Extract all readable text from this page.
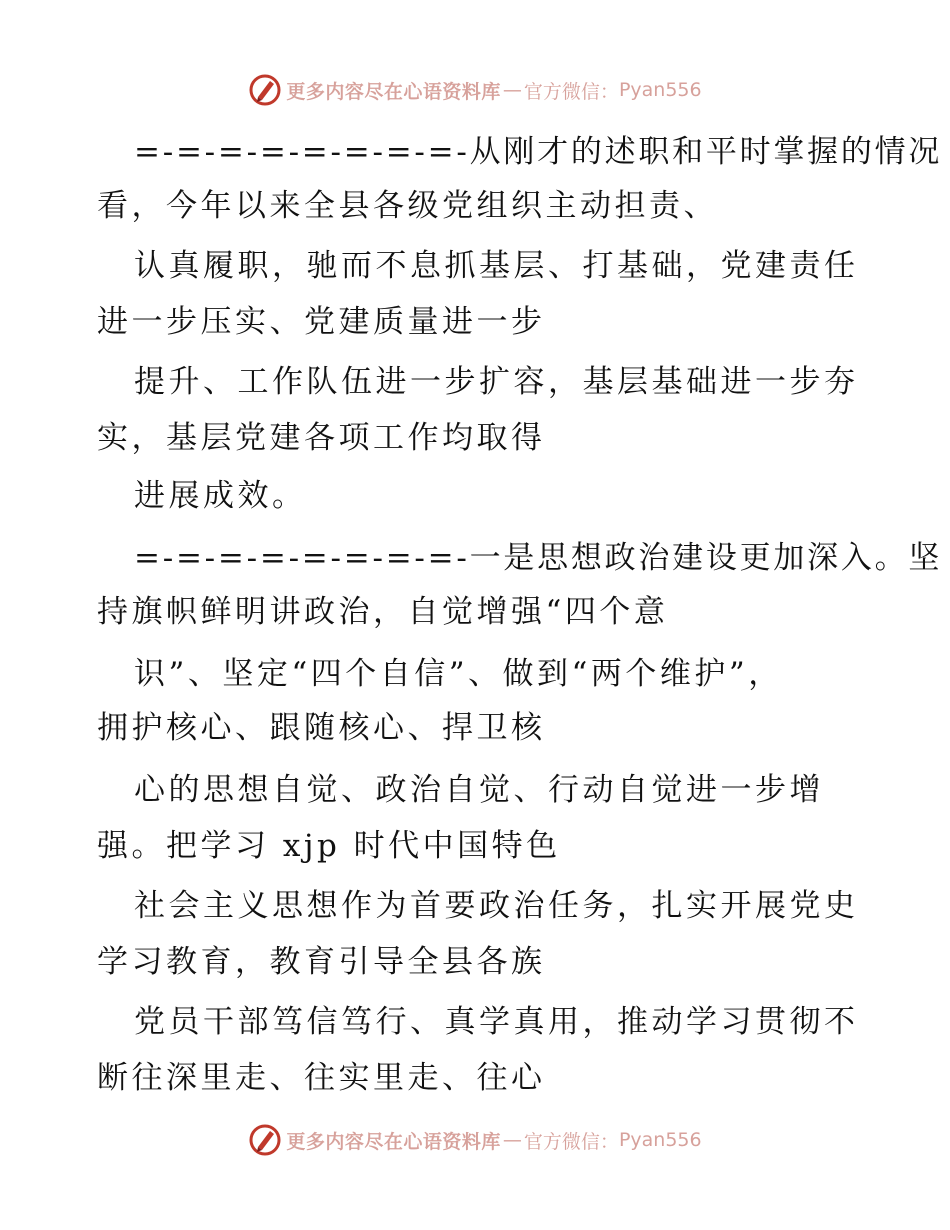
更多内容尽在心语资料库 — 官方微信： Pyan556
=-=-=-=-=-=-=-=-从刚才的述职和平时掌握的情况
看，今年以来全县各级党组织主动担责、
认真履职，驰而不息抓基层、打基础，党建责任
进一步压实、党建质量进一步
提升、工作队伍进一步扩容，基层基础进一步夯
实，基层党建各项工作均取得
进展成效。
=-=-=-=-=-=-=-=-一是思想政治建设更加深入。坚
持旗帜鲜明讲政治，自觉增强“四个意
识”、坚定“四个自信”、做到“两个维护”，
拥护核心、跟随核心、捍卫核
心的思想自觉、政治自觉、行动自觉进一步增
强。把学习 xjp 时代中国特色
社会主义思想作为首要政治任务，扎实开展党史
学习教育，教育引导全县各族
党员干部笃信笃行、真学真用，推动学习贯彻不
断往深里走、往实里走、往心
更多内容尽在心语资料库 — 官方微信： Pyan556
